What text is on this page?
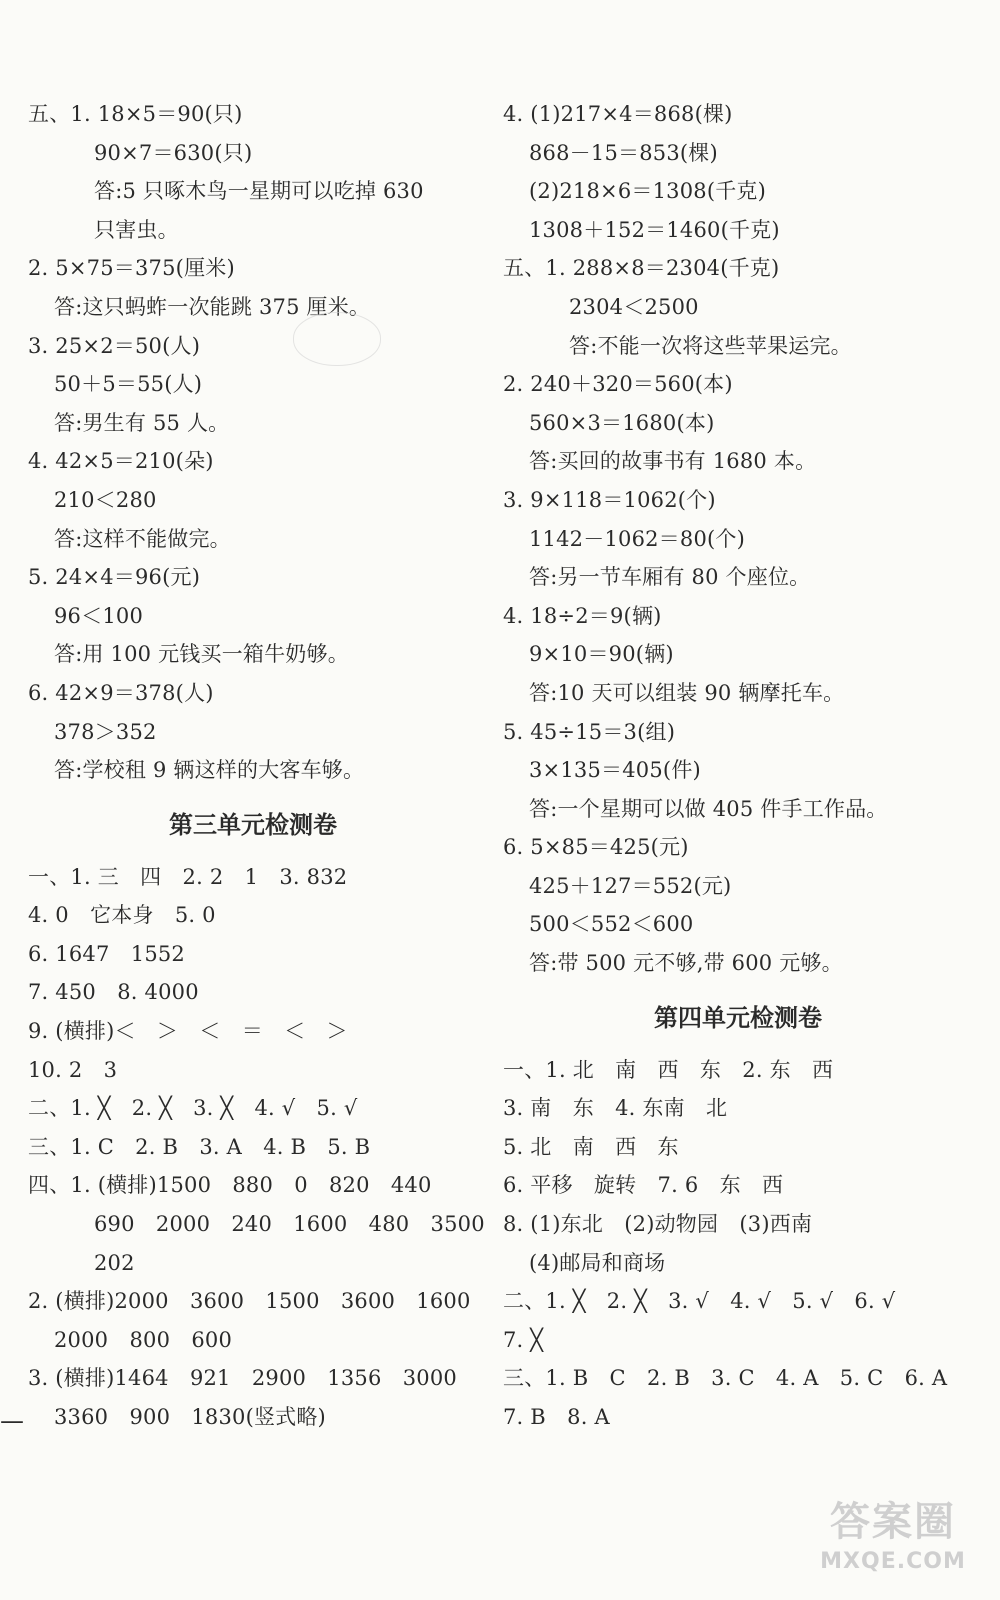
五、1. 18×5＝90(只)
90×7＝630(只)
答:5 只啄木鸟一星期可以吃掉 630
只害虫。
2. 5×75＝375(厘米)
答:这只蚂蚱一次能跳 375 厘米。
3. 25×2＝50(人)
50＋5＝55(人)
答:男生有 55 人。
4. 42×5＝210(朵)
210＜280
答:这样不能做完。
5. 24×4＝96(元)
96＜100
答:用 100 元钱买一箱牛奶够。
6. 42×9＝378(人)
378＞352
答:学校租 9 辆这样的大客车够。
第三单元检测卷
一、1. 三　四　2. 2　1　3. 832
4. 0　它本身　5. 0
6. 1647　1552
7. 450　8. 4000
9. (横排)＜　＞　＜　＝　＜　＞
10. 2　3
二、1. ╳　2. ╳　3. ╳　4. √　5. √
三、1. C　2. B　3. A　4. B　5. B
四、1. (横排)1500　880　0　820　440
690　2000　240　1600　480　3500
202
2. (横排)2000　3600　1500　3600　1600
2000　800　600
3. (横排)1464　921　2900　1356　3000
3360　900　1830(竖式略)
4. (1)217×4＝868(棵)
868－15＝853(棵)
(2)218×6＝1308(千克)
1308＋152＝1460(千克)
五、1. 288×8＝2304(千克)
2304＜2500
答:不能一次将这些苹果运完。
2. 240＋320＝560(本)
560×3＝1680(本)
答:买回的故事书有 1680 本。
3. 9×118＝1062(个)
1142－1062＝80(个)
答:另一节车厢有 80 个座位。
4. 18÷2＝9(辆)
9×10＝90(辆)
答:10 天可以组装 90 辆摩托车。
5. 45÷15＝3(组)
3×135＝405(件)
答:一个星期可以做 405 件手工作品。
6. 5×85＝425(元)
425＋127＝552(元)
500＜552＜600
答:带 500 元不够,带 600 元够。
第四单元检测卷
一、1. 北　南　西　东　2. 东　西
3. 南　东　4. 东南　北
5. 北　南　西　东
6. 平移　旋转　7. 6　东　西
8. (1)东北　(2)动物园　(3)西南
(4)邮局和商场
二、1. ╳　2. ╳　3. √　4. √　5. √　6. √
7. ╳
三、1. B　C　2. B　3. C　4. A　5. C　6. A
7. B　8. A
—
答案圈
MXQE.COM
